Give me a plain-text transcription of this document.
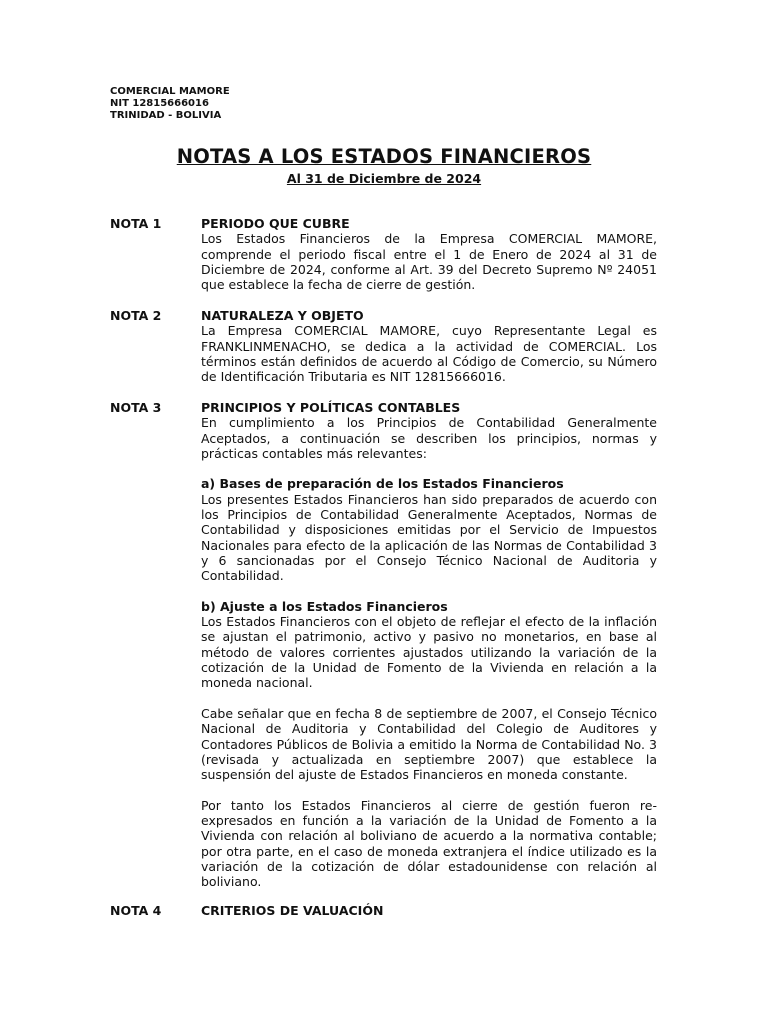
COMERCIAL MAMORE
NIT 12815666016
TRINIDAD - BOLIVIA
NOTAS A LOS ESTADOS FINANCIEROS
Al 31 de Diciembre de 2024
NOTA 1	PERIODO QUE CUBRE

Los Estados Financieros de la Empresa COMERCIAL MAMORE, comprende el periodo fiscal entre el 1 de Enero de 2024 al 31 de Diciembre de 2024, conforme al Art. 39 del Decreto Supremo Nº 24051 que establece la fecha de cierre de gestión.

NOTA 2	NATURALEZA Y OBJETO

La Empresa COMERCIAL MAMORE, cuyo Representante Legal es FRANKLINMENACHO, se dedica a la actividad de COMERCIAL. Los términos están definidos de acuerdo al Código de Comercio, su Número de Identificación Tributaria es NIT 12815666016.

NOTA 3	PRINCIPIOS Y POLÍTICAS CONTABLES

En cumplimiento a los Principios de Contabilidad Generalmente Aceptados, a continuación se describen los principios, normas y prácticas contables más relevantes:

a) Bases de preparación de los Estados Financieros

Los presentes Estados Financieros han sido preparados de acuerdo con los Principios de Contabilidad Generalmente Aceptados, Normas de Contabilidad y disposiciones emitidas por el Servicio de Impuestos Nacionales para efecto de la aplicación de las Normas de Contabilidad 3 y 6 sancionadas por el Consejo Técnico Nacional de Auditoria y Contabilidad.

b) Ajuste a los Estados Financieros

Los Estados Financieros con el objeto de reflejar el efecto de la inflación se ajustan el patrimonio, activo y pasivo no monetarios, en base al método de valores corrientes ajustados utilizando la variación de la cotización de la Unidad de Fomento de la Vivienda en relación a la moneda nacional.

Cabe señalar que en fecha 8 de septiembre de 2007, el Consejo Técnico Nacional de Auditoria y Contabilidad del Colegio de Auditores y Contadores Públicos de Bolivia a emitido la Norma de Contabilidad No. 3 (revisada y actualizada en septiembre 2007) que establece la suspensión del ajuste de Estados Financieros en moneda constante.

Por tanto los Estados Financieros al cierre de gestión fueron re-expresados en función a la variación de la Unidad de Fomento a la Vivienda con relación al boliviano de acuerdo a la normativa contable; por otra parte, en el caso de moneda extranjera el índice utilizado es la variación de la cotización de dólar estadounidense con relación al boliviano.

NOTA 4	CRITERIOS DE VALUACIÓN
